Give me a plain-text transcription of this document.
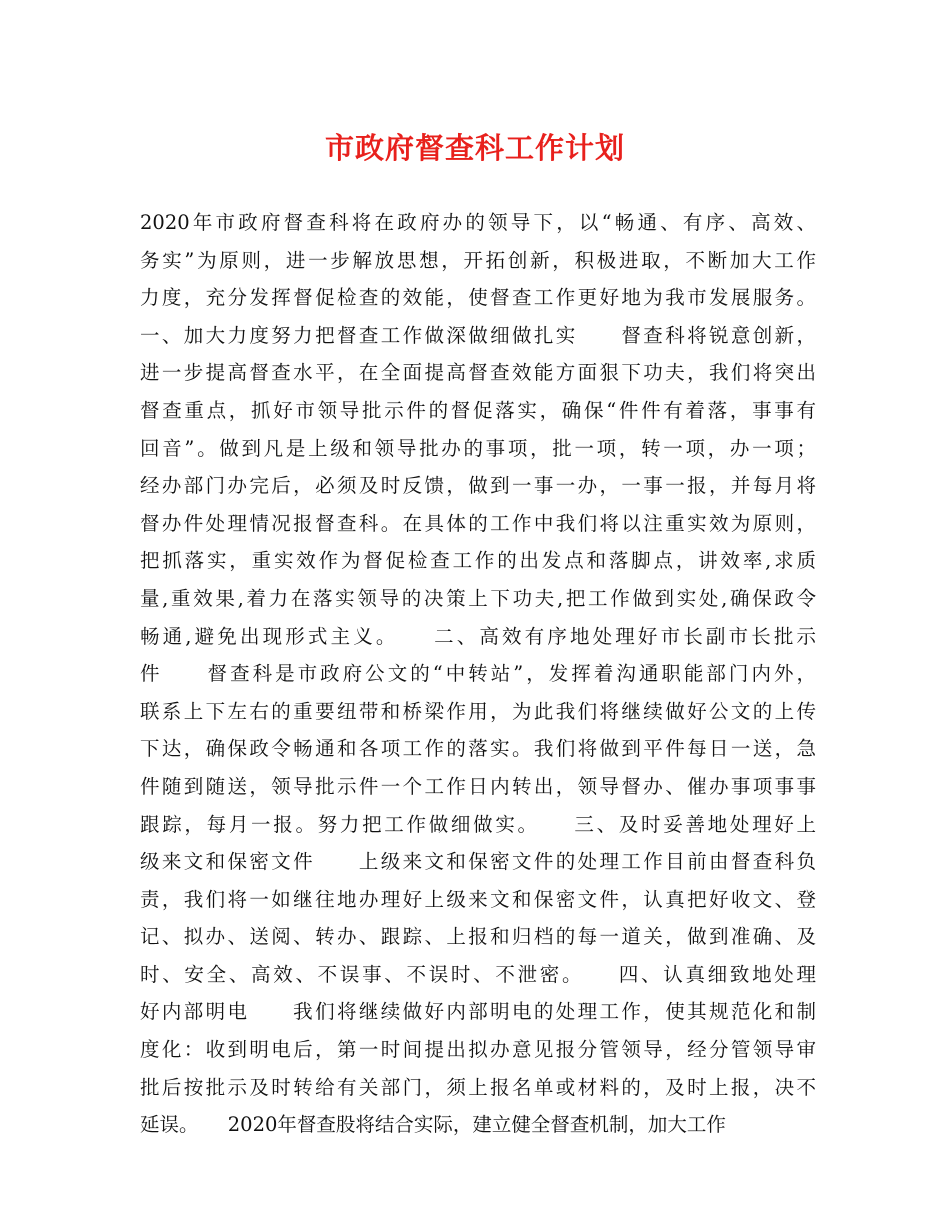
市政府督查科工作计划
2020年市政府督查科将在政府办的领导下，以“畅通、有序、高效、
务实”为原则，进一步解放思想，开拓创新，积极进取，不断加大工作
力度，充分发挥督促检查的效能，使督查工作更好地为我市发展服务。
一、加大力度努力把督查工作做深做细做扎实　　督查科将锐意创新，
进一步提高督查水平，在全面提高督查效能方面狠下功夫，我们将突出
督查重点，抓好市领导批示件的督促落实，确保“件件有着落，事事有
回音”。做到凡是上级和领导批办的事项，批一项，转一项，办一项；
经办部门办完后，必须及时反馈，做到一事一办，一事一报，并每月将
督办件处理情况报督查科。在具体的工作中我们将以注重实效为原则，
把抓落实，重实效作为督促检查工作的出发点和落脚点，讲效率,求质
量,重效果,着力在落实领导的决策上下功夫,把工作做到实处,确保政令
畅通,避免出现形式主义。　　二、高效有序地处理好市长副市长批示
件　　督查科是市政府公文的“中转站”，发挥着沟通职能部门内外，
联系上下左右的重要纽带和桥梁作用，为此我们将继续做好公文的上传
下达，确保政令畅通和各项工作的落实。我们将做到平件每日一送，急
件随到随送，领导批示件一个工作日内转出，领导督办、催办事项事事
跟踪，每月一报。努力把工作做细做实。　　三、及时妥善地处理好上
级来文和保密文件　　上级来文和保密文件的处理工作目前由督查科负
责，我们将一如继往地办理好上级来文和保密文件，认真把好收文、登
记、拟办、送阅、转办、跟踪、上报和归档的每一道关，做到准确、及
时、安全、高效、不误事、不误时、不泄密。　　四、认真细致地处理
好内部明电　　我们将继续做好内部明电的处理工作，使其规范化和制
度化：收到明电后，第一时间提出拟办意见报分管领导，经分管领导审
批后按批示及时转给有关部门，须上报名单或材料的，及时上报，决不
延误。　　2020年督查股将结合实际，建立健全督查机制，加大工作
